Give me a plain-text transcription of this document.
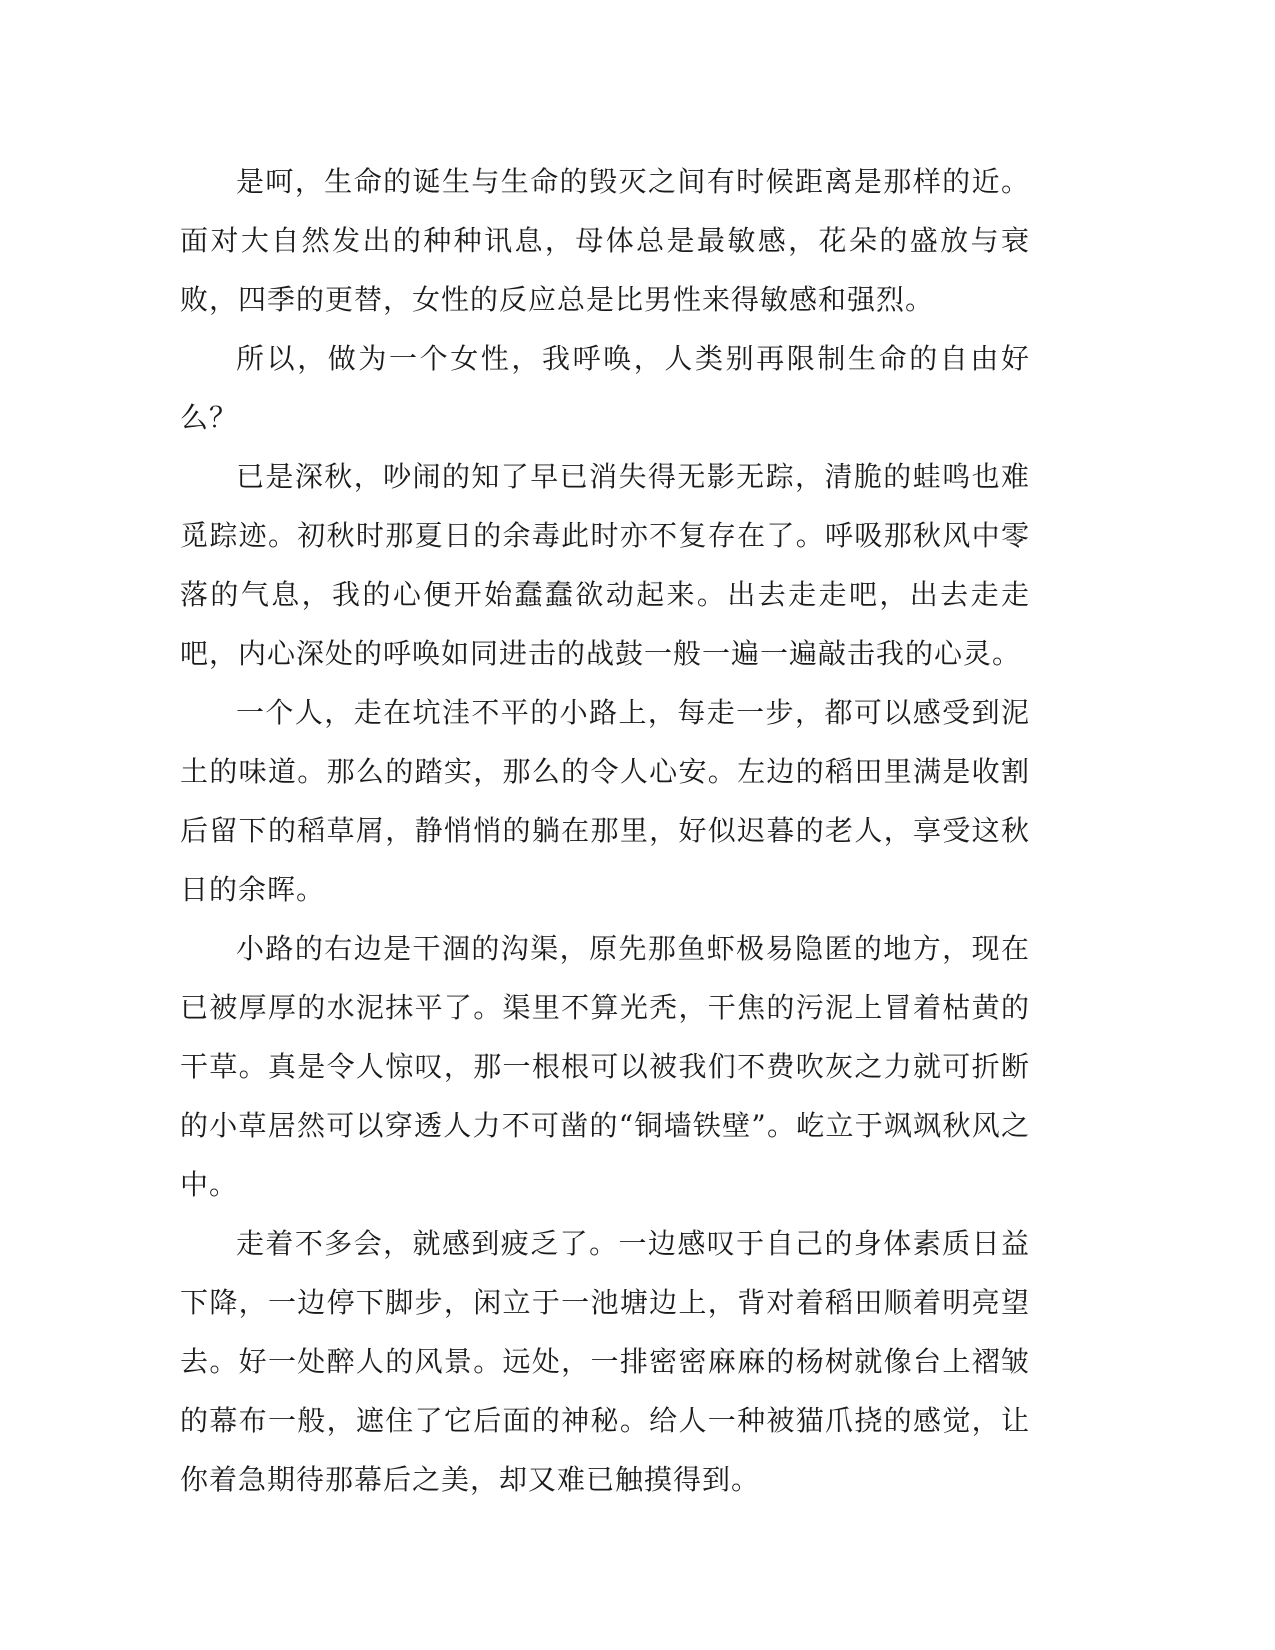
是呵，生命的诞生与生命的毁灭之间有时候距离是那样的近。面对大自然发出的种种讯息，母体总是最敏感，花朵的盛放与衰败，四季的更替，女性的反应总是比男性来得敏感和强烈。

所以，做为一个女性，我呼唤，人类别再限制生命的自由好么？

已是深秋，吵闹的知了早已消失得无影无踪，清脆的蛙鸣也难觅踪迹。初秋时那夏日的余毒此时亦不复存在了。呼吸那秋风中零落的气息，我的心便开始蠢蠢欲动起来。出去走走吧，出去走走吧，内心深处的呼唤如同进击的战鼓一般一遍一遍敲击我的心灵。

一个人，走在坑洼不平的小路上，每走一步，都可以感受到泥土的味道。那么的踏实，那么的令人心安。左边的稻田里满是收割后留下的稻草屑，静悄悄的躺在那里，好似迟暮的老人，享受这秋日的余晖。

小路的右边是干涸的沟渠，原先那鱼虾极易隐匿的地方，现在已被厚厚的水泥抹平了。渠里不算光秃，干焦的污泥上冒着枯黄的干草。真是令人惊叹，那一根根可以被我们不费吹灰之力就可折断的小草居然可以穿透人力不可凿的“铜墙铁壁”。屹立于飒飒秋风之中。

走着不多会，就感到疲乏了。一边感叹于自己的身体素质日益下降，一边停下脚步，闲立于一池塘边上，背对着稻田顺着明亮望去。好一处醉人的风景。远处，一排密密麻麻的杨树就像台上褶皱的幕布一般，遮住了它后面的神秘。给人一种被猫爪挠的感觉，让你着急期待那幕后之美，却又难已触摸得到。
